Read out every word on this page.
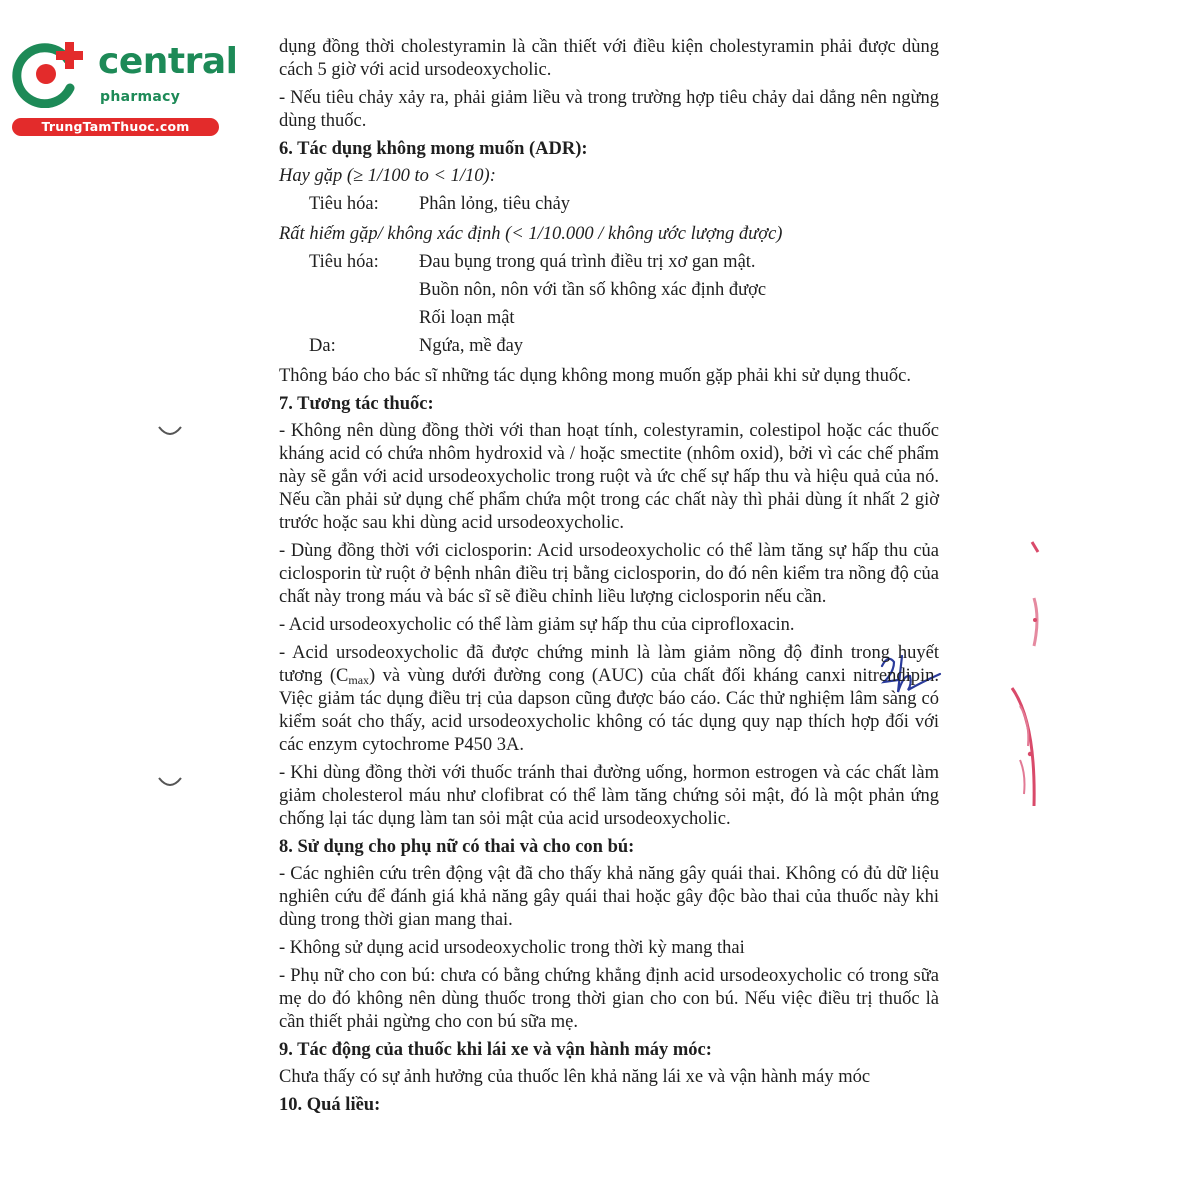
central
pharmacy
TrungTamThuoc.com

dụng đồng thời cholestyramin là cần thiết với điều kiện cholestyramin phải được dùng cách 5 giờ với acid ursodeoxycholic.

- Nếu tiêu chảy xảy ra, phải giảm liều và trong trường hợp tiêu chảy dai dẳng nên ngừng dùng thuốc.

6. Tác dụng không mong muốn (ADR):
Hay gặp (≥ 1/100 to < 1/10):
Tiêu hóa:	Phân lỏng, tiêu chảy
Rất hiếm gặp/ không xác định (< 1/10.000 / không ước lượng được)
Tiêu hóa:	Đau bụng trong quá trình điều trị xơ gan mật.
Buồn nôn, nôn với tần số không xác định được
Rối loạn mật
Da:	Ngứa, mề đay

Thông báo cho bác sĩ những tác dụng không mong muốn gặp phải khi sử dụng thuốc.

7. Tương tác thuốc:

- Không nên dùng đồng thời với than hoạt tính, colestyramin, colestipol hoặc các thuốc kháng acid có chứa nhôm hydroxid và / hoặc smectite (nhôm oxid), bởi vì các chế phẩm này sẽ gắn với acid ursodeoxycholic trong ruột và ức chế sự hấp thu và hiệu quả của nó. Nếu cần phải sử dụng chế phẩm chứa một trong các chất này thì phải dùng ít nhất 2 giờ trước hoặc sau khi dùng acid ursodeoxycholic.

- Dùng đồng thời với ciclosporin: Acid ursodeoxycholic có thể làm tăng sự hấp thu của ciclosporin từ ruột ở bệnh nhân điều trị bằng ciclosporin, do đó nên kiểm tra nồng độ của chất này trong máu và bác sĩ sẽ điều chỉnh liều lượng ciclosporin nếu cần.

- Acid ursodeoxycholic có thể làm giảm sự hấp thu của ciprofloxacin.

- Acid ursodeoxycholic đã được chứng minh là làm giảm nồng độ đỉnh trong huyết tương $(C_{max})$ và vùng dưới đường cong (AUC) của chất đối kháng canxi nitrendipin. Việc giảm tác dụng điều trị của dapson cũng được báo cáo. Các thử nghiệm lâm sàng có kiểm soát cho thấy, acid ursodeoxycholic không có tác dụng quy nạp thích hợp đối với các enzym cytochrome P450 3A.

- Khi dùng đồng thời với thuốc tránh thai đường uống, hormon estrogen và các chất làm giảm cholesterol máu như clofibrat có thể làm tăng chứng sỏi mật, đó là một phản ứng chống lại tác dụng làm tan sỏi mật của acid ursodeoxycholic.

8. Sử dụng cho phụ nữ có thai và cho con bú:

- Các nghiên cứu trên động vật đã cho thấy khả năng gây quái thai. Không có đủ dữ liệu nghiên cứu để đánh giá khả năng gây quái thai hoặc gây độc bào thai của thuốc này khi dùng trong thời gian mang thai.

- Không sử dụng acid ursodeoxycholic trong thời kỳ mang thai

- Phụ nữ cho con bú: chưa có bằng chứng khẳng định acid ursodeoxycholic có trong sữa mẹ do đó không nên dùng thuốc trong thời gian cho con bú. Nếu việc điều trị thuốc là cần thiết phải ngừng cho con bú sữa mẹ.

9. Tác động của thuốc khi lái xe và vận hành máy móc:

Chưa thấy có sự ảnh hưởng của thuốc lên khả năng lái xe và vận hành máy móc

10. Quá liều:
